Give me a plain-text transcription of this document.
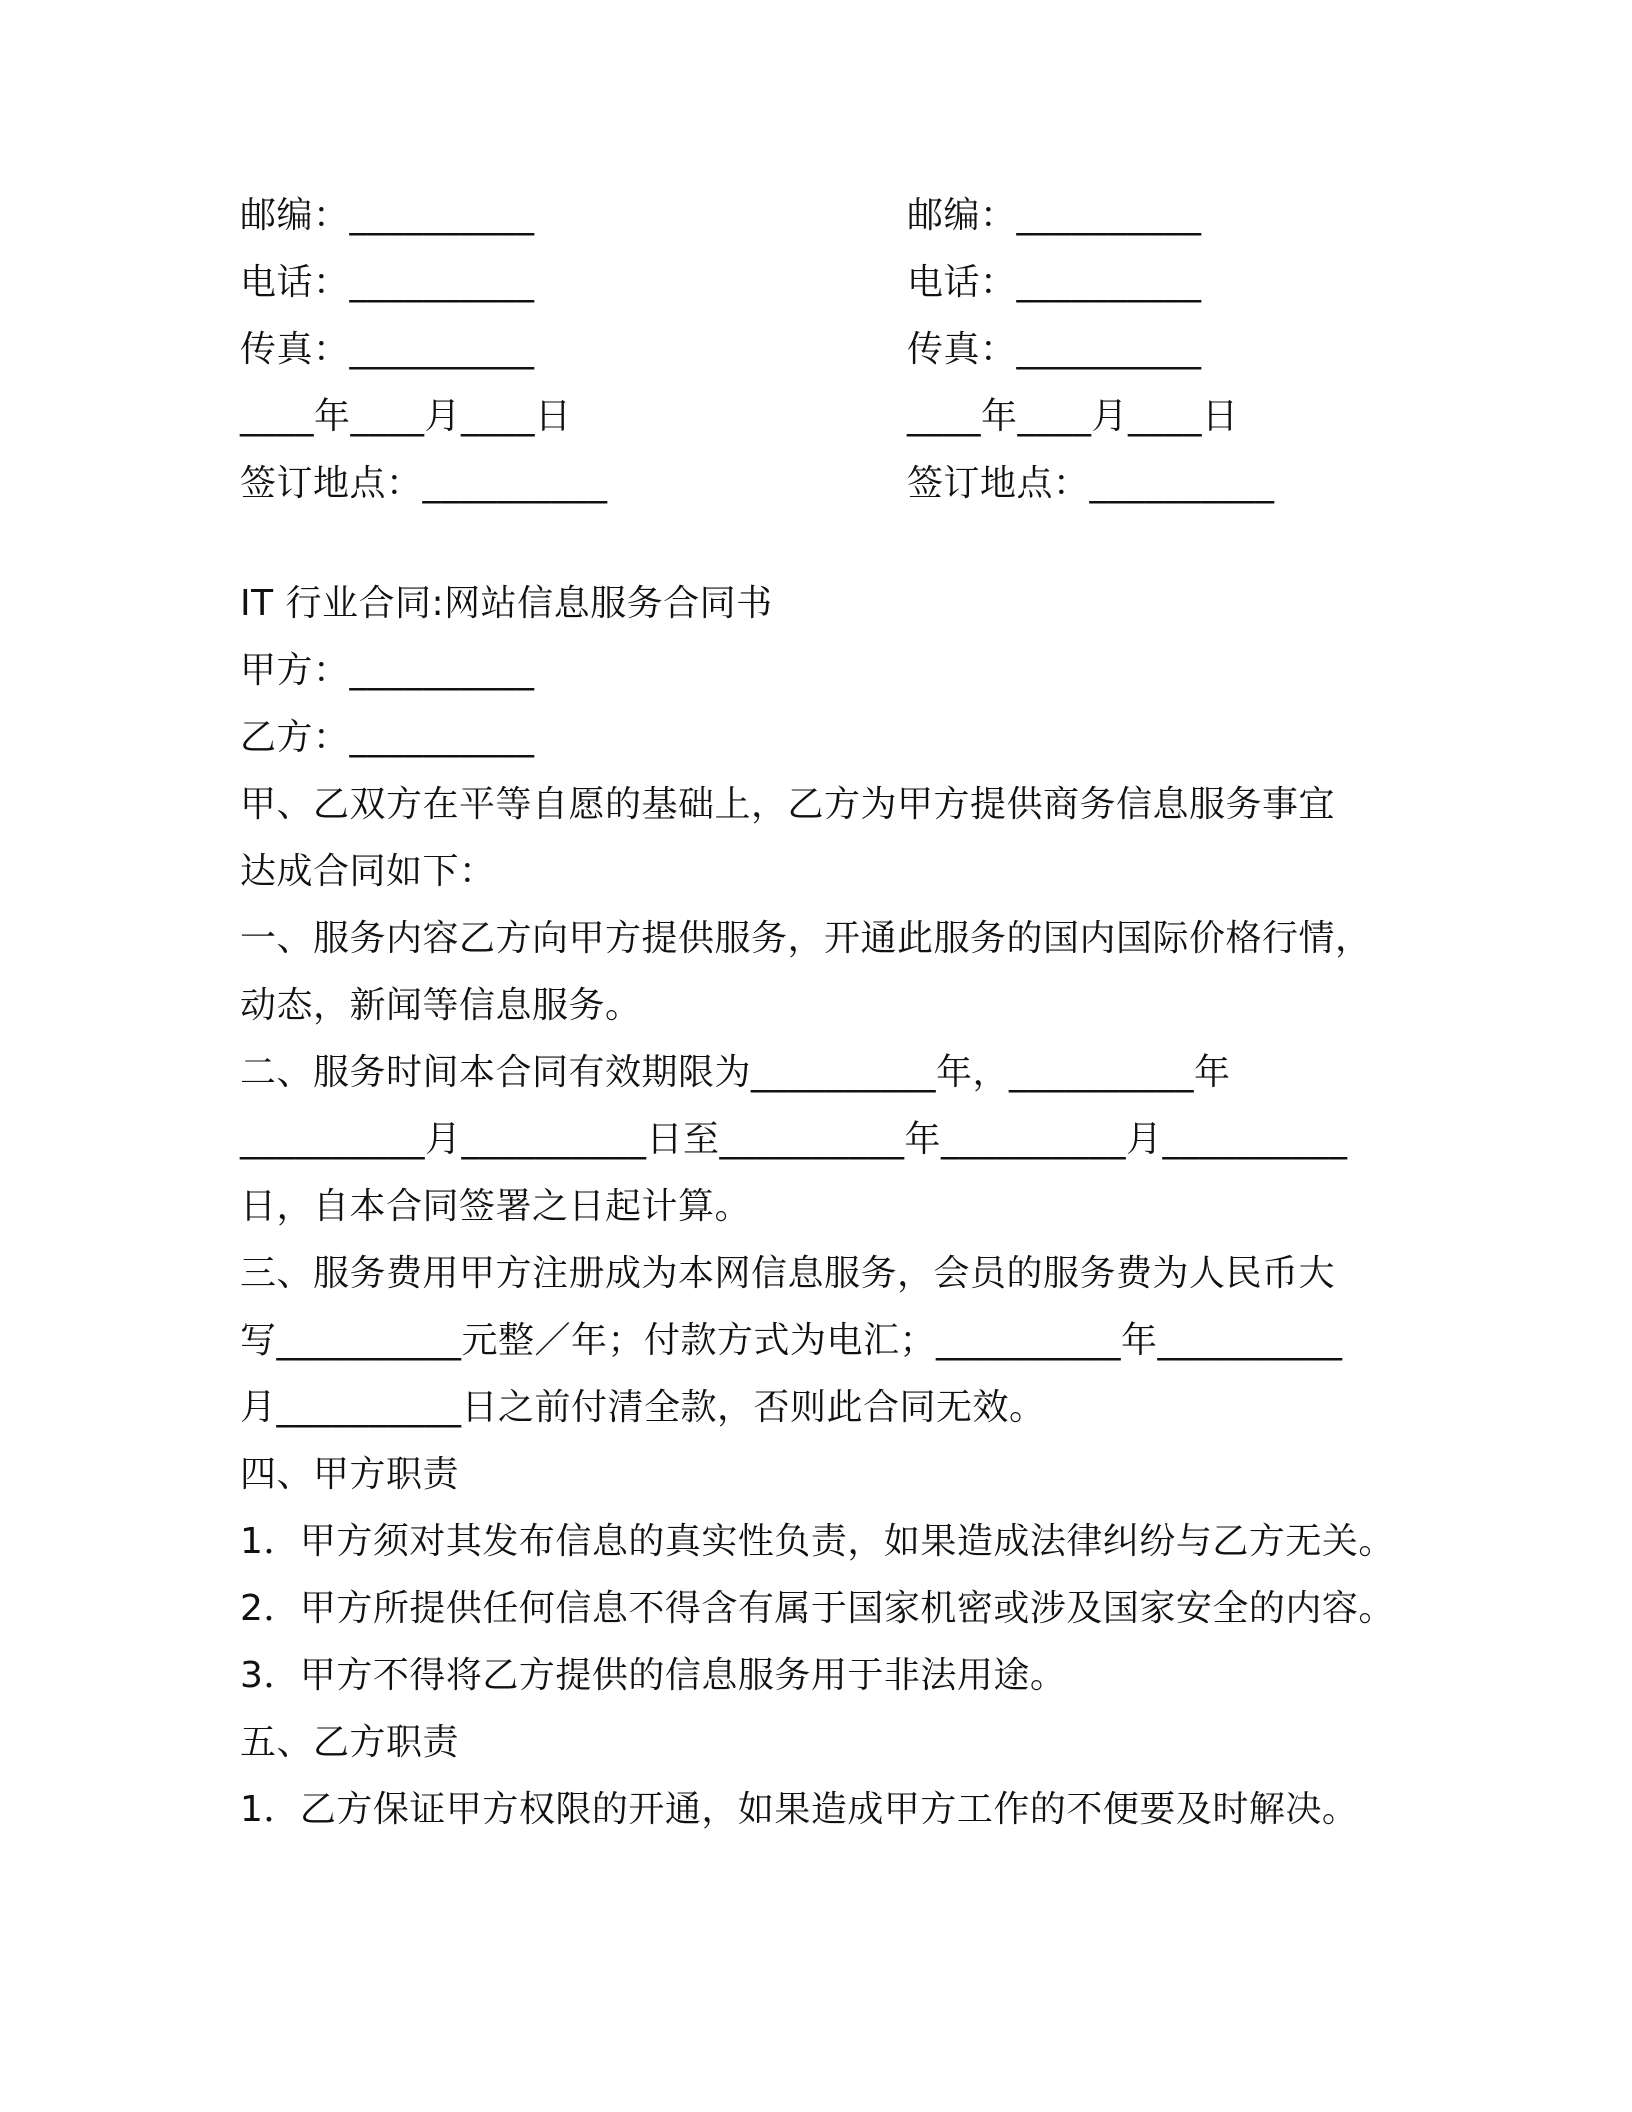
邮编：__________

电话：__________

传真：__________

____年____月____日

签订地点：__________

邮编：__________

电话：__________

传真：__________

____年____月____日

签订地点：__________

IT 行业合同:网站信息服务合同书

甲方：__________

乙方：__________

甲、乙双方在平等自愿的基础上，乙方为甲方提供商务信息服务事宜

达成合同如下：

一、服务内容乙方向甲方提供服务，开通此服务的国内国际价格行情，

动态，新闻等信息服务。

二、服务时间本合同有效期限为__________年，__________年

__________月__________日至__________年__________月__________

日，自本合同签署之日起计算。

三、服务费用甲方注册成为本网信息服务，会员的服务费为人民币大

写__________元整／年；付款方式为电汇；__________年__________

月__________日之前付清全款，否则此合同无效。

四、甲方职责

1．甲方须对其发布信息的真实性负责，如果造成法律纠纷与乙方无关。

2．甲方所提供任何信息不得含有属于国家机密或涉及国家安全的内容。

3．甲方不得将乙方提供的信息服务用于非法用途。

五、乙方职责

1．乙方保证甲方权限的开通，如果造成甲方工作的不便要及时解决。
